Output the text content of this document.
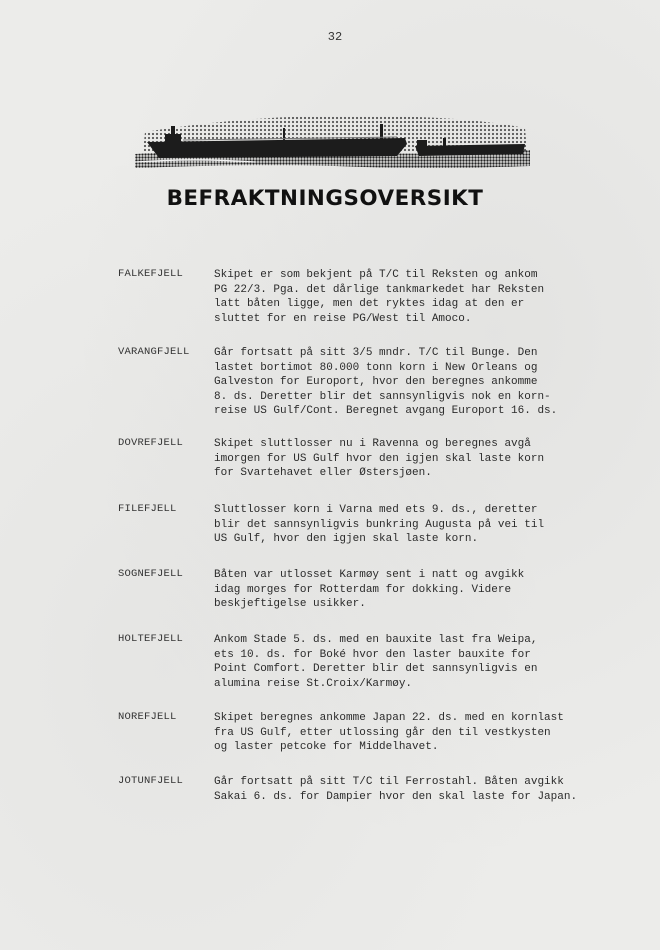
32
BEFRAKTNINGSOVERSIKT
FALKEFJELL	Skipet er som bekjent på T/C til Reksten og ankom
PG 22/3. Pga. det dårlige tankmarkedet har Reksten
latt båten ligge, men det ryktes idag at den er
sluttet for en reise PG/West til Amoco.
VARANGFJELL Går fortsatt på sitt 3/5 mndr. T/C til Bunge. Den
lastet bortimot 80.000 tonn korn i New Orleans og
Galveston for Europort, hvor den beregnes ankomme
8. ds. Deretter blir det sannsynligvis nok en korn-
reise US Gulf/Cont. Beregnet avgang Europort 16. ds.
DOVREFJELL	Skipet sluttlosser nu i Ravenna og beregnes avgå
imorgen for US Gulf hvor den igjen skal laste korn
for Svartehavet eller Østersjøen.
FILEFJELL	Sluttlosser korn i Varna med ets 9. ds., deretter
blir det sannsynligvis bunkring Augusta på vei til
US Gulf, hvor den igjen skal laste korn.
SOGNEFJELL	Båten var utlosset Karmøy sent i natt og avgikk
idag morges for Rotterdam for dokking. Videre
beskjeftigelse usikker.
HOLTEFJELL	Ankom Stade 5. ds. med en bauxite last fra Weipa,
ets 10. ds. for Boké hvor den laster bauxite for
Point Comfort. Deretter blir det sannsynligvis en
alumina reise St.Croix/Karmøy.
NOREFJELL	Skipet beregnes ankomme Japan 22. ds. med en kornlast
fra US Gulf, etter utlossing går den til vestkysten
og laster petcoke for Middelhavet.
JOTUNFJELL	Går fortsatt på sitt T/C til Ferrostahl. Båten avgikk
Sakai 6. ds. for Dampier hvor den skal laste for Japan.
